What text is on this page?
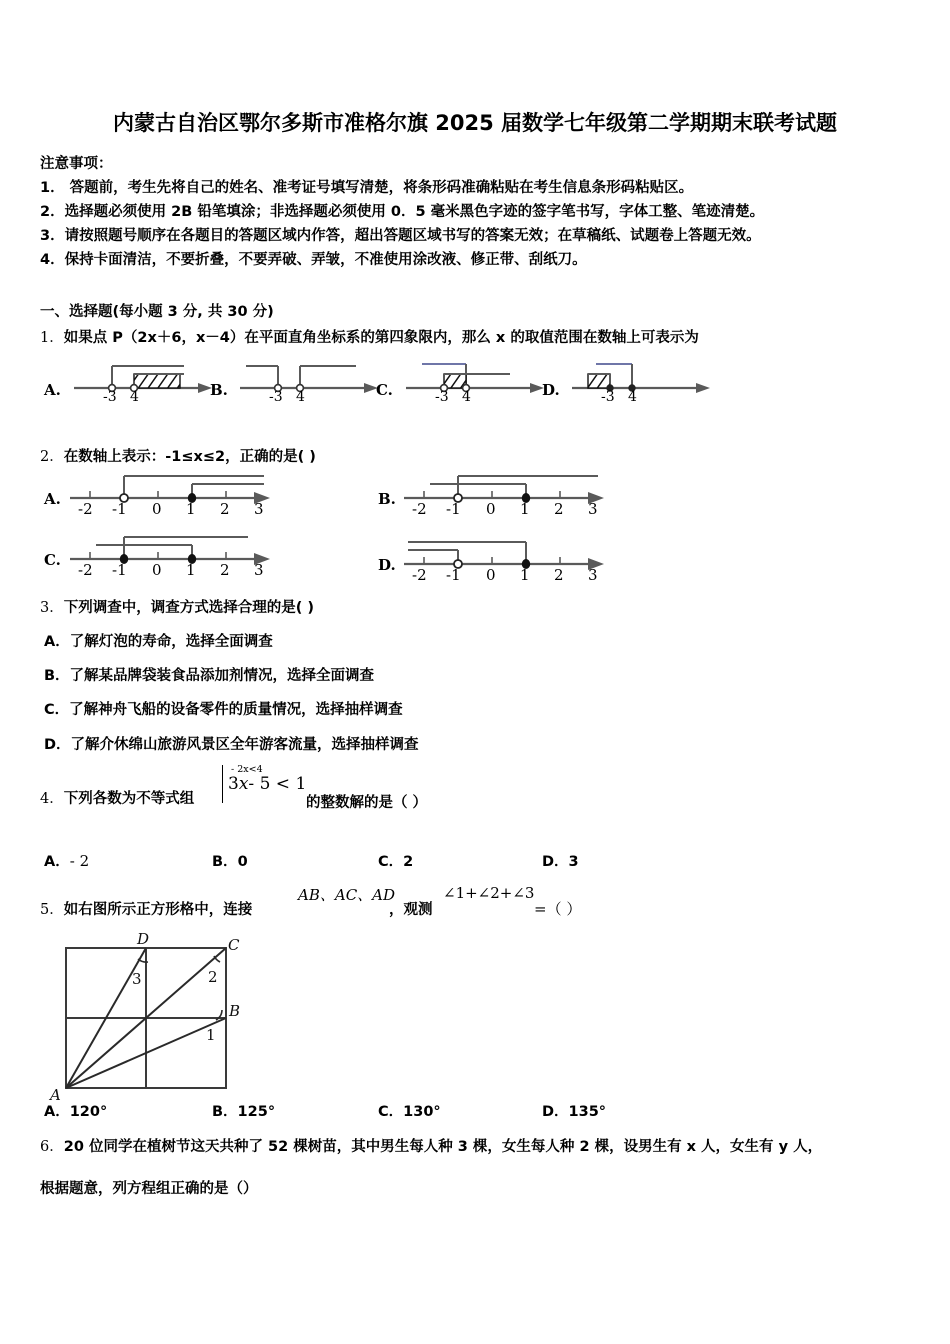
内蒙古自治区鄂尔多斯市准格尔旗 2025 届数学七年级第二学期期末联考试题
注意事项：
1． 答题前，考生先将自己的姓名、准考证号填写清楚，将条形码准确粘贴在考生信息条形码粘贴区。
2．选择题必须使用 2B 铅笔填涂；非选择题必须使用 0．5 毫米黑色字迹的签字笔书写，字体工整、笔迹清楚。
3．请按照题号顺序在各题目的答题区域内作答，超出答题区域书写的答案无效；在草稿纸、试题卷上答题无效。
4．保持卡面清洁，不要折叠，不要弄破、弄皱，不准使用涂改液、修正带、刮纸刀。
一、选择题(每小题 3 分, 共 30 分)
1．如果点 P（2x＋6，x－4）在平面直角坐标系的第四象限内，那么 x 的取值范围在数轴上可表示为
A.	-3 4	B.	-3 4	C.	-3 4	D.	-3 4
2．在数轴上表示：-1≤x≤2，正确的是( )
A.
-2 -1 0 1 2 3
B.
-2 -1 0 1 2 3
C.
-2 -1 0 1 2 3	D.
-2 -1 0 1 2 3
3．下列调查中，调查方式选择合理的是( )
A．了解灯泡的寿命，选择全面调查
B．了解某品牌袋装食品添加剂情况，选择全面调查
C．了解神舟飞船的设备零件的质量情况，选择抽样调查
D．了解介休绵山旅游风景区全年游客流量，选择抽样调查
4．下列各数为不等式组
- 2x<4
3x- 5 < 1
的整数解的是（ ）
A．- 2	B．0	C．2	D．3
5．如右图所示正方形格中，连接
AB、AC、AD
，观测
∠1+∠2+∠3
=（ ）
D	C
B
A
1
2
3
A．120°	B．125°	C．130°	D．135°
6．20 位同学在植树节这天共种了 52 棵树苗，其中男生每人种 3 棵，女生每人种 2 棵，设男生有 x 人，女生有 y 人，
根据题意，列方程组正确的是（）
